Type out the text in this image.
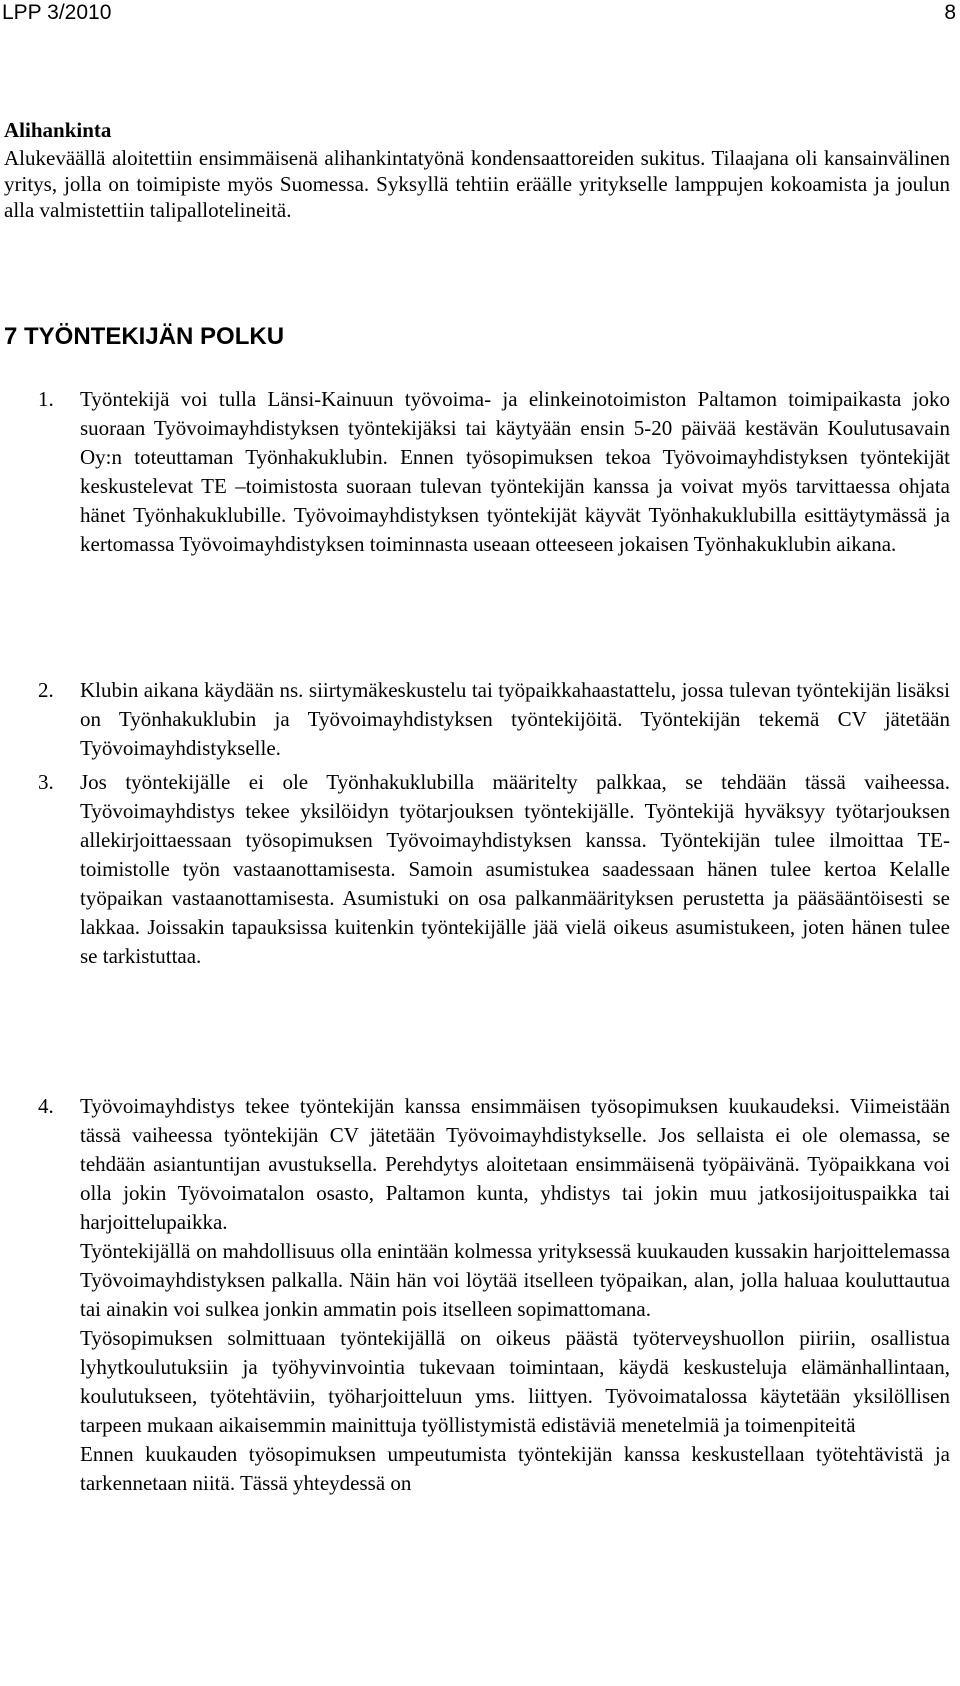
LPP 3/2010	8
Alihankinta
Alukeväällä aloitettiin ensimmäisenä alihankintatyönä kondensaattoreiden sukitus. Tilaajana oli kansainvälinen yritys, jolla on toimipiste myös Suomessa. Syksyllä tehtiin eräälle yritykselle lamppujen kokoamista ja joulun alla valmistettiin talipallotelineitä.
7 TYÖNTEKIJÄN POLKU
1. Työntekijä voi tulla Länsi-Kainuun työvoima- ja elinkeinotoimiston Paltamon toimipaikasta joko suoraan Työvoimayhdistyksen työntekijäksi tai käytyään ensin 5-20 päivää kestävän Koulutusavain Oy:n toteuttaman Työnhakuklubin. Ennen työsopimuksen tekoa Työvoimayhdistyksen työntekijät keskustelevat TE –toimistosta suoraan tulevan työntekijän kanssa ja voivat myös tarvittaessa ohjata hänet Työnhakuklubille. Työvoimayhdistyksen työntekijät käyvät Työnhakuklubilla esittäytymässä ja kertomassa Työvoimayhdistyksen toiminnasta useaan otteeseen jokaisen Työnhakuklubin aikana.

2. Klubin aikana käydään ns. siirtymäkeskustelu tai työpaikkahaastattelu, jossa tulevan työntekijän lisäksi on Työnhakuklubin ja Työvoimayhdistyksen työntekijöitä. Työntekijän tekemä CV jätetään Työvoimayhdistykselle.

3. Jos työntekijälle ei ole Työnhakuklubilla määritelty palkkaa, se tehdään tässä vaiheessa. Työvoimayhdistys tekee yksilöidyn työtarjouksen työntekijälle. Työntekijä hyväksyy työtarjouksen allekirjoittaessaan työsopimuksen Työvoimayhdistyksen kanssa. Työntekijän tulee ilmoittaa TE- toimistolle työn vastaanottamisesta. Samoin asumistukea saadessaan hänen tulee kertoa Kelalle työpaikan vastaanottamisesta. Asumistuki on osa palkanmäärityksen perustetta ja pääsääntöisesti se lakkaa. Joissakin tapauksissa kuitenkin työntekijälle jää vielä oikeus asumistukeen, joten hänen tulee se tarkistuttaa.

4. Työvoimayhdistys tekee työntekijän kanssa ensimmäisen työsopimuksen kuukaudeksi. Viimeistään tässä vaiheessa työntekijän CV jätetään Työvoimayhdistykselle. Jos sellaista ei ole olemassa, se tehdään asiantuntijan avustuksella. Perehdytys aloitetaan ensimmäisenä työpäivänä. Työpaikkana voi olla jokin Työvoimatalon osasto, Paltamon kunta, yhdistys tai jokin muu jatkosijoituspaikka tai harjoittelupaikka.

Työntekijällä on mahdollisuus olla enintään kolmessa yrityksessä kuukauden kussakin harjoittelemassa Työvoimayhdistyksen palkalla. Näin hän voi löytää itselleen työpaikan, alan, jolla haluaa kouluttautua tai ainakin voi sulkea jonkin ammatin pois itselleen sopimattomana.

Työsopimuksen solmittuaan työntekijällä on oikeus päästä työterveyshuollon piiriin, osallistua lyhytkoulutuksiin ja työhyvinvointia tukevaan toimintaan, käydä keskusteluja elämänhallintaan, koulutukseen, työtehtäviin, työharjoitteluun yms. liittyen. Työvoimatalossa käytetään yksilöllisen tarpeen mukaan aikaisemmin mainittuja työllistymistä edistäviä menetelmiä ja toimenpiteitä

Ennen kuukauden työsopimuksen umpeutumista työntekijän kanssa keskustellaan työtehtävistä ja tarkennetaan niitä. Tässä yhteydessä on
